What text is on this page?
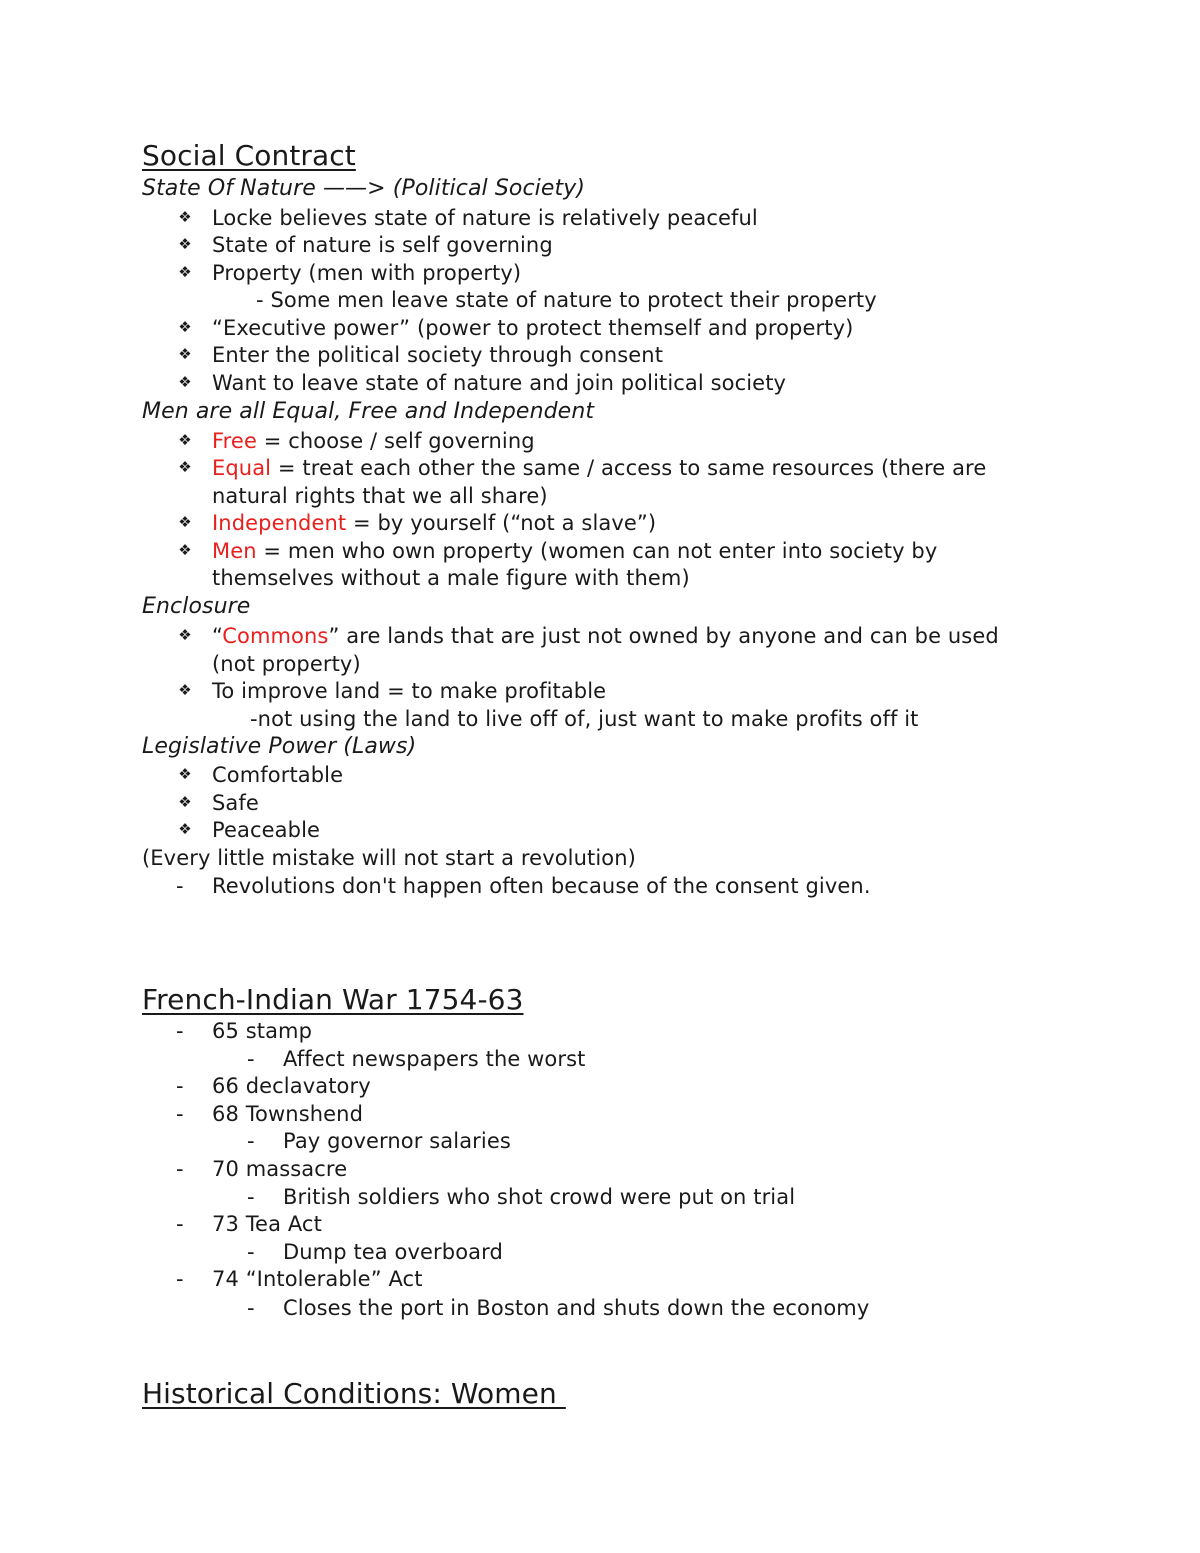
Social Contract
State Of Nature ——> (Political Society)
❖ Locke believes state of nature is relatively peaceful
❖ State of nature is self governing
❖ Property (men with property)
- Some men leave state of nature to protect their property
❖ “Executive power” (power to protect themself and property)
❖ Enter the political society through consent
❖ Want to leave state of nature and join political society
Men are all Equal, Free and Independent
❖ Free = choose / self governing
❖ Equal = treat each other the same / access to same resources (there are
natural rights that we all share)
❖ Independent = by yourself (“not a slave”)
❖ Men = men who own property (women can not enter into society by
themselves without a male figure with them)
Enclosure
❖ “Commons” are lands that are just not owned by anyone and can be used
(not property)
❖ To improve land = to make profitable
-not using the land to live off of, just want to make profits off it
Legislative Power (Laws)
❖ Comfortable
❖ Safe
❖ Peaceable
(Every little mistake will not start a revolution)
- Revolutions don't happen often because of the consent given.
French-Indian War 1754-63
- 65 stamp
- Affect newspapers the worst
- 66 declavatory
- 68 Townshend
- Pay governor salaries
- 70 massacre
- British soldiers who shot crowd were put on trial
- 73 Tea Act
- Dump tea overboard
- 74 “Intolerable” Act
- Closes the port in Boston and shuts down the economy
Historical Conditions: Women
